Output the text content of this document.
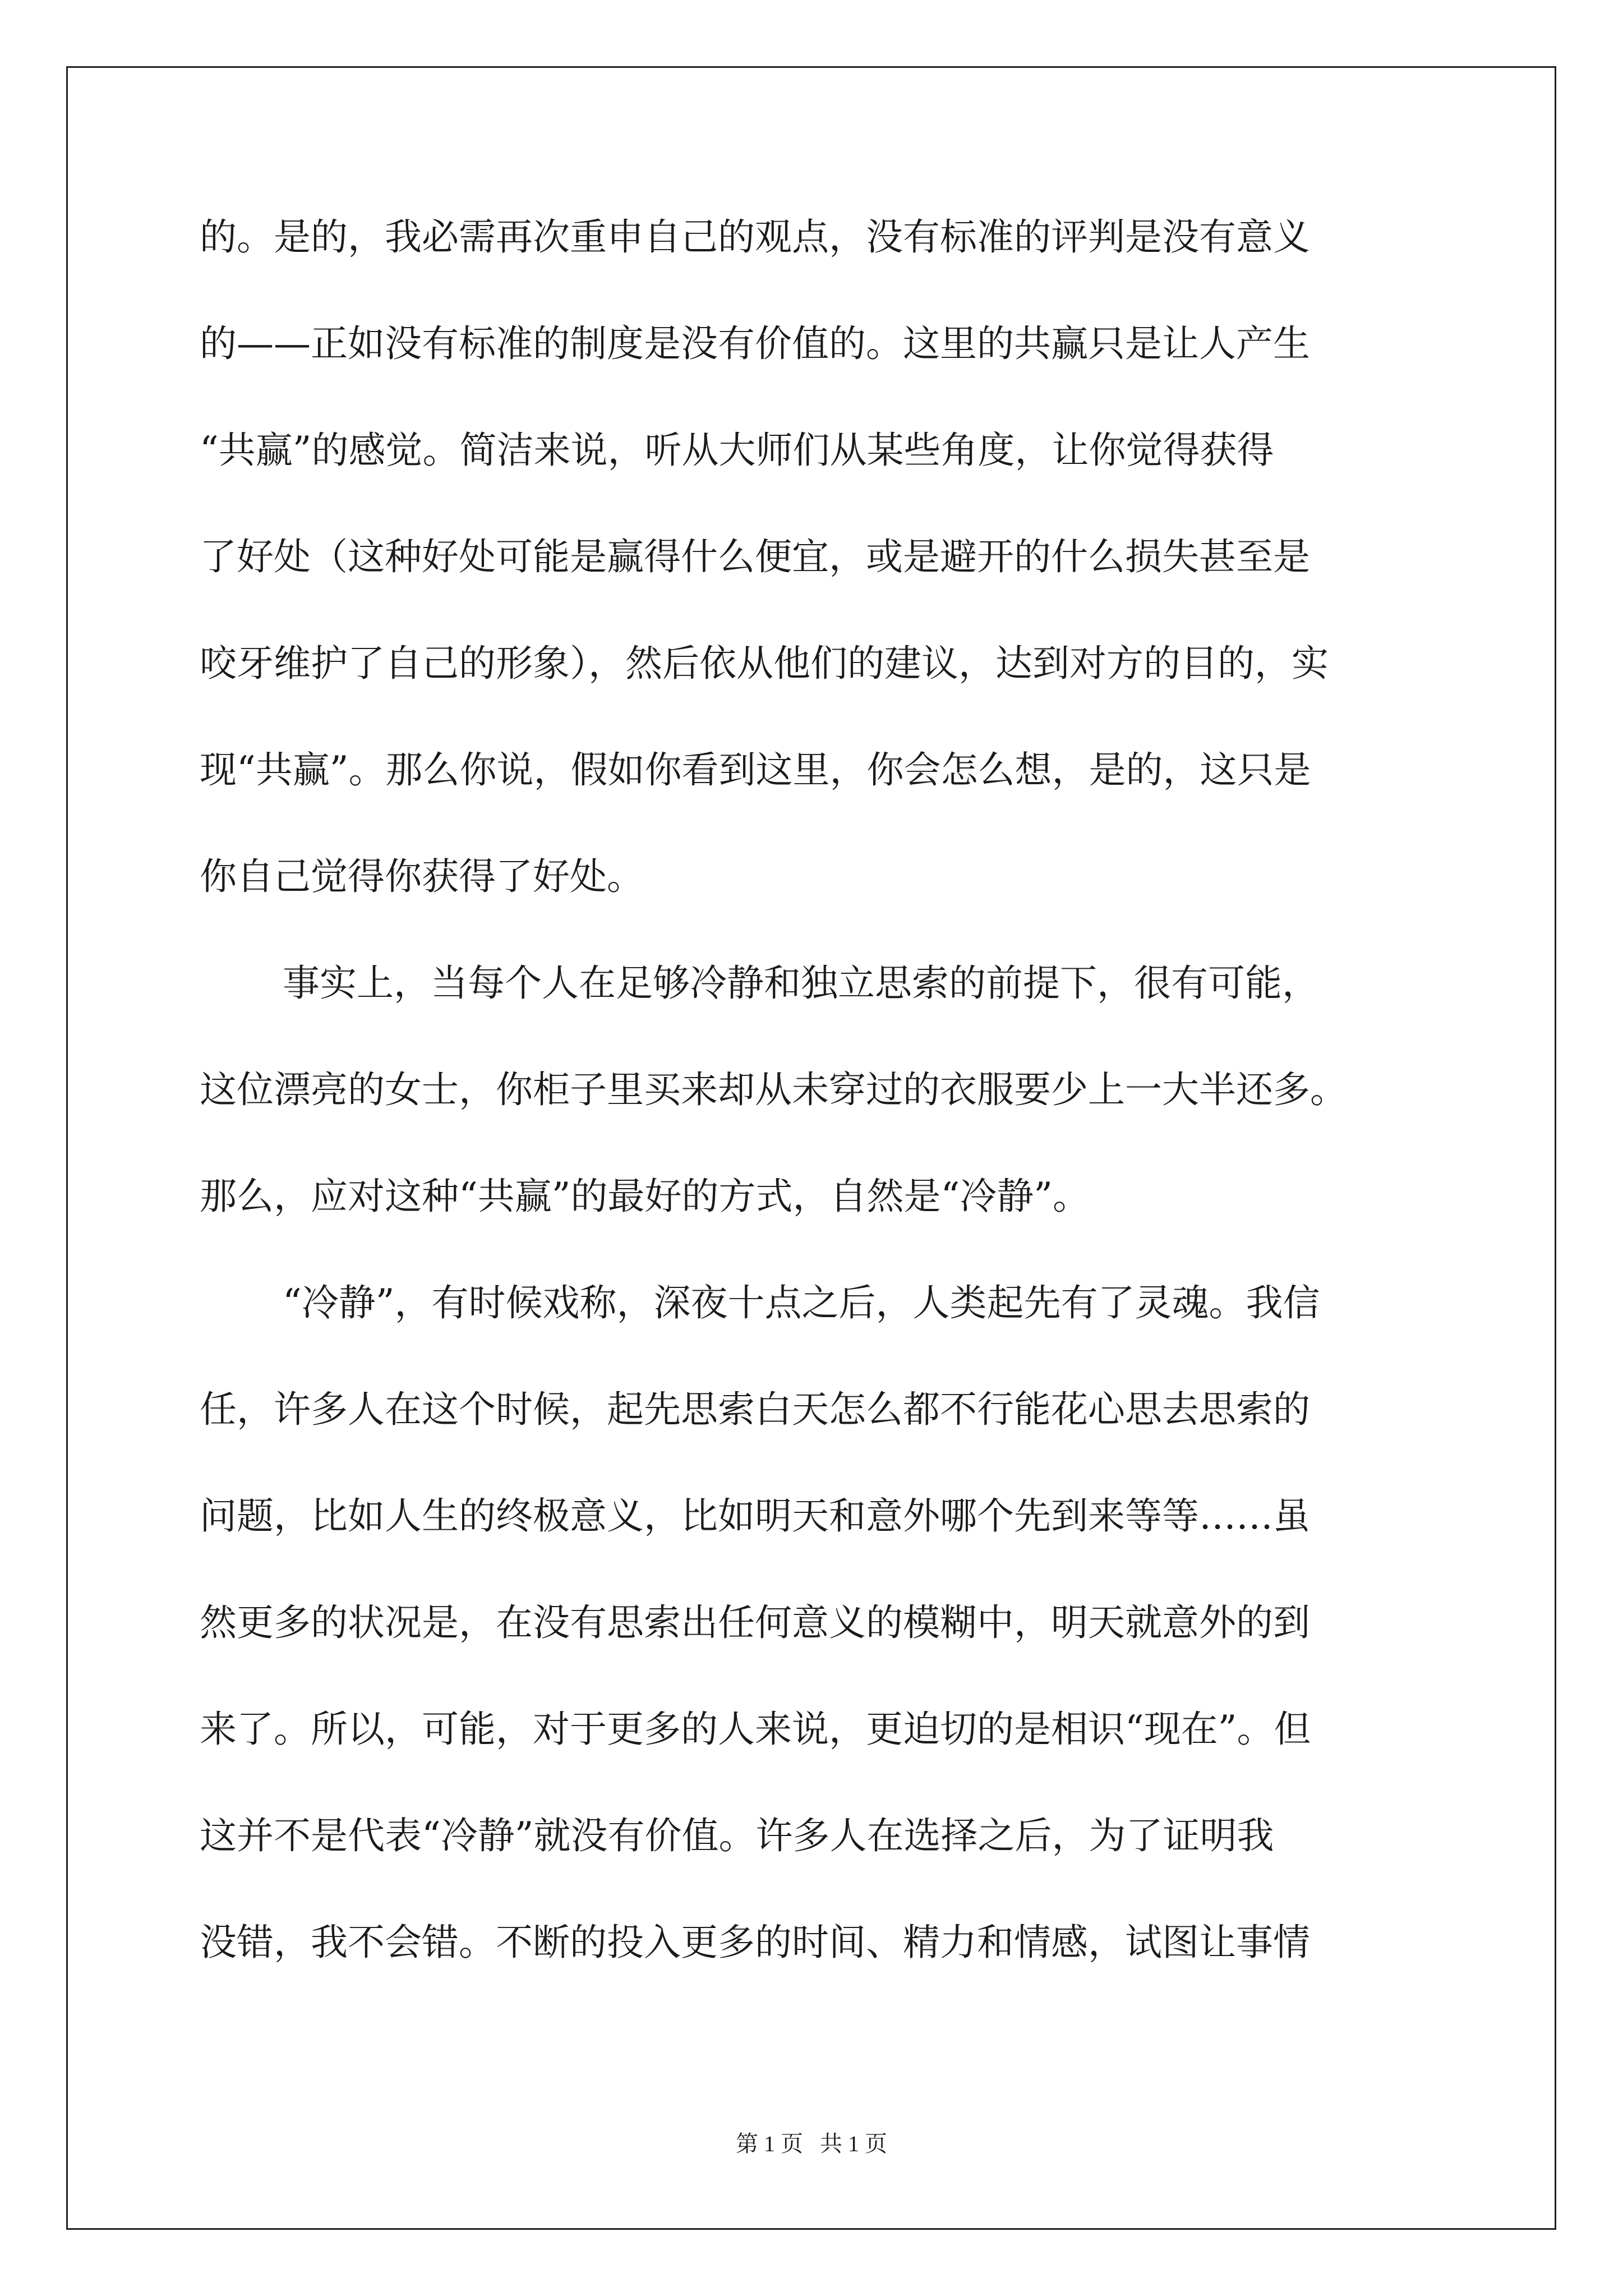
的。是的，我必需再次重申自己的观点，没有标准的评判是没有意义
的——正如没有标准的制度是没有价值的。这里的共赢只是让人产生
“共赢”的感觉。简洁来说，听从大师们从某些角度，让你觉得获得
了好处（这种好处可能是赢得什么便宜，或是避开的什么损失甚至是
咬牙维护了自己的形象），然后依从他们的建议，达到对方的目的，实
现“共赢”。那么你说，假如你看到这里，你会怎么想，是的，这只是
你自己觉得你获得了好处。
事实上，当每个人在足够冷静和独立思索的前提下，很有可能，
这位漂亮的女士，你柜子里买来却从未穿过的衣服要少上一大半还多。
那么，应对这种“共赢”的最好的方式，自然是“冷静”。
“冷静”，有时候戏称，深夜十点之后，人类起先有了灵魂。我信
任，许多人在这个时候，起先思索白天怎么都不行能花心思去思索的
问题，比如人生的终极意义，比如明天和意外哪个先到来等等……虽
然更多的状况是，在没有思索出任何意义的模糊中，明天就意外的到
来了。所以，可能，对于更多的人来说，更迫切的是相识“现在”。但
这并不是代表“冷静”就没有价值。许多人在选择之后，为了证明我
没错，我不会错。不断的投入更多的时间、精力和情感，试图让事情
第 1 页   共 1 页
